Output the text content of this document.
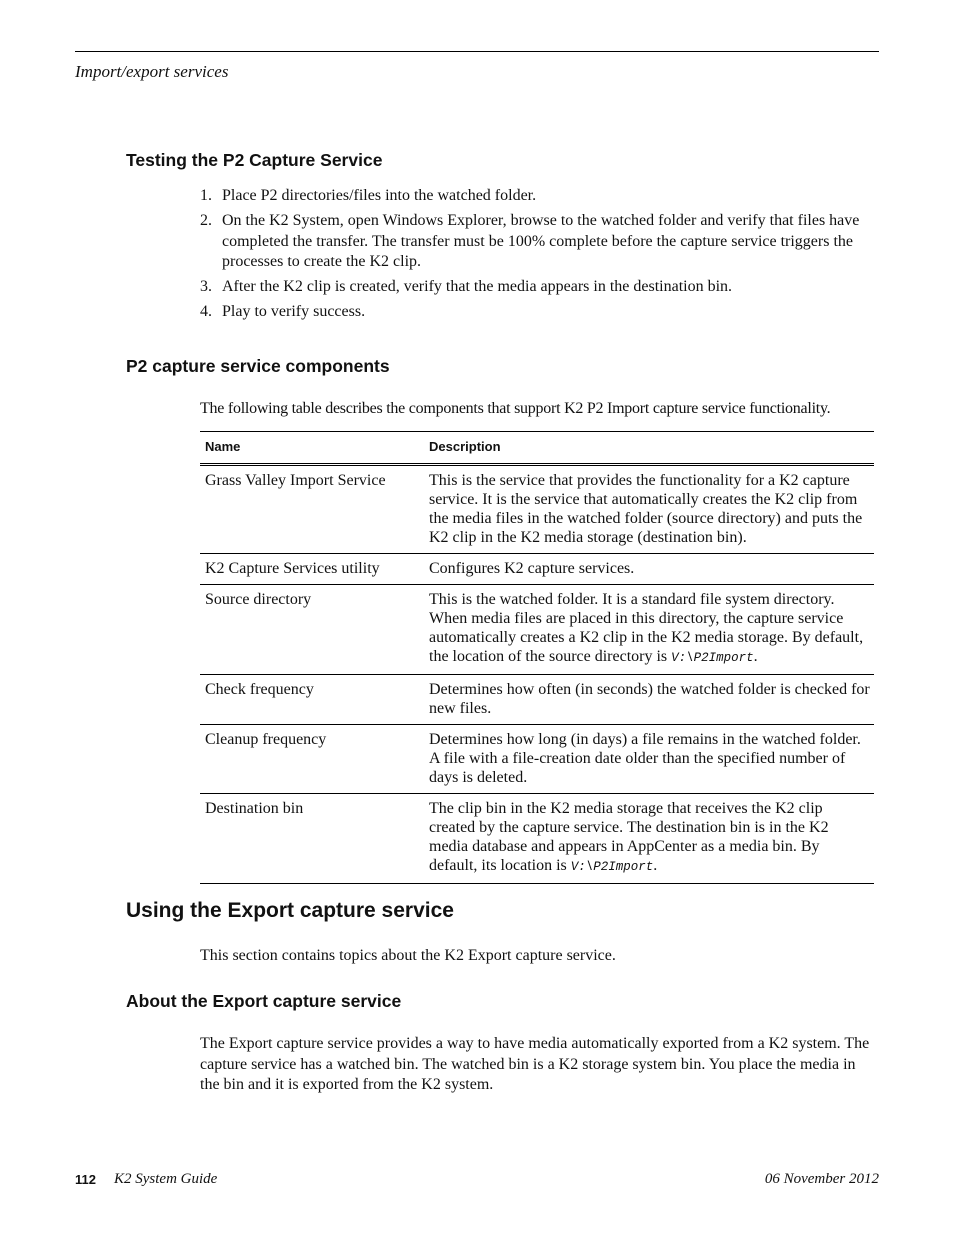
Import/export services
Testing the P2 Capture Service
1. Place P2 directories/files into the watched folder.
2. On the K2 System, open Windows Explorer, browse to the watched folder and verify that files have completed the transfer. The transfer must be 100% complete before the capture service triggers the processes to create the K2 clip.
3. After the K2 clip is created, verify that the media appears in the destination bin.
4. Play to verify success.
P2 capture service components

The following table describes the components that support K2 P2 Import capture service functionality.

Name	Description
Grass Valley Import Service	This is the service that provides the functionality for a K2 capture service. It is the service that automatically creates the K2 clip from the media files in the watched folder (source directory) and puts the K2 clip in the K2 media storage (destination bin).
K2 Capture Services utility	Configures K2 capture services.
Source directory	This is the watched folder. It is a standard file system directory. When media files are placed in this directory, the capture service automatically creates a K2 clip in the K2 media storage. By default, the location of the source directory is V:\P2Import.
Check frequency	Determines how often (in seconds) the watched folder is checked for new files.
Cleanup frequency	Determines how long (in days) a file remains in the watched folder. A file with a file-creation date older than the specified number of days is deleted.
Destination bin	The clip bin in the K2 media storage that receives the K2 clip created by the capture service. The destination bin is in the K2 media database and appears in AppCenter as a media bin. By default, its location is V:\P2Import.
Using the Export capture service

This section contains topics about the K2 Export capture service.

About the Export capture service

The Export capture service provides a way to have media automatically exported from a K2 system. The capture service has a watched bin. The watched bin is a K2 storage system bin. You place the media in the bin and it is exported from the K2 system.

112 K2 System Guide	06 November 2012
